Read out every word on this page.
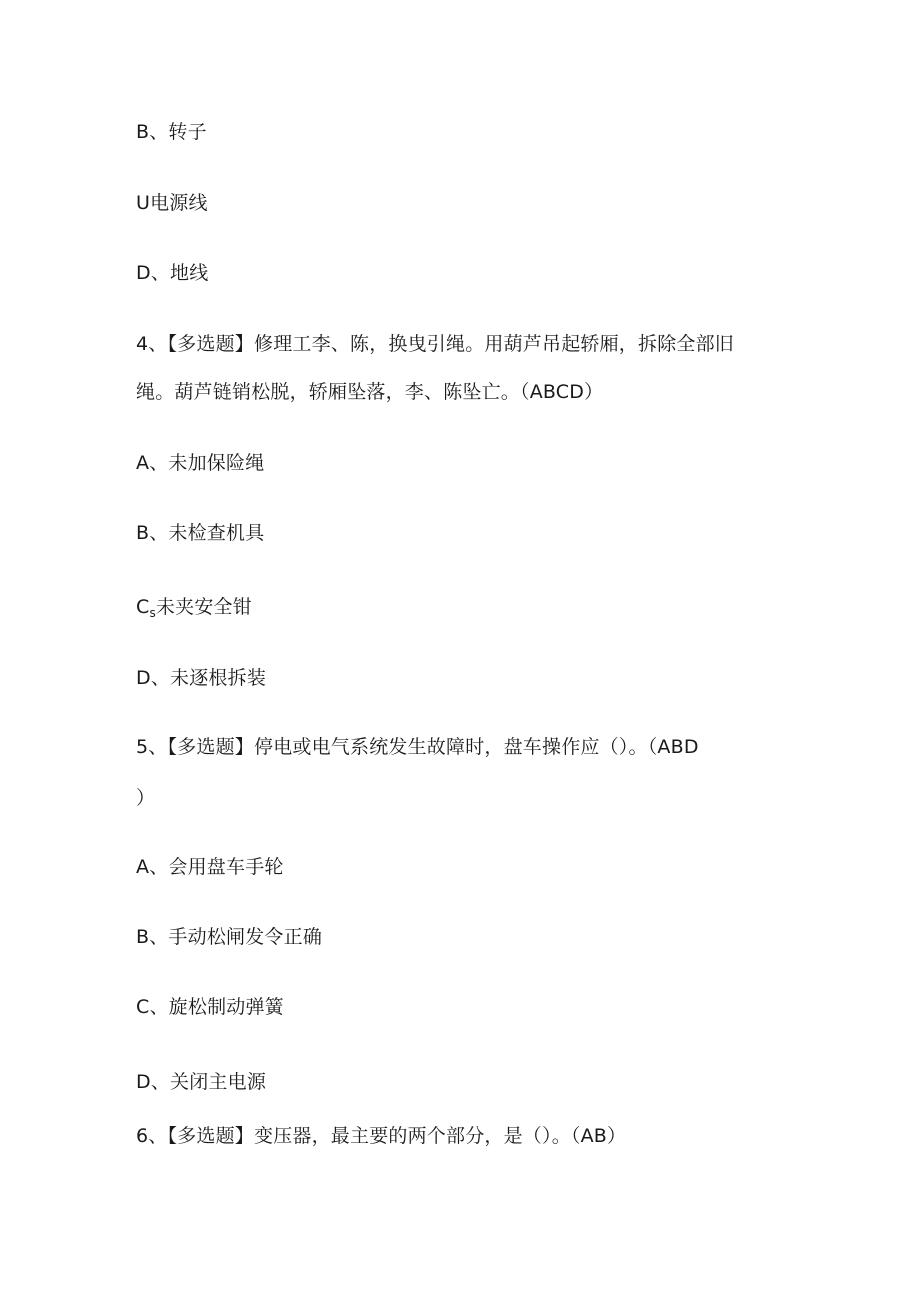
B、转子
U电源线
D、地线
4、【多选题】修理工李、陈，换曳引绳。用葫芦吊起轿厢，拆除全部旧
绳。葫芦链销松脱，轿厢坠落，李、陈坠亡。（ABCD）
A、未加保险绳
B、未检查机具
$C_s$未夹安全钳
D、未逐根拆装
5、【多选题】停电或电气系统发生故障时，盘车操作应（）。（ABD
）
A、会用盘车手轮
B、手动松闸发令正确
C、旋松制动弹簧
D、关闭主电源
6、【多选题】变压器，最主要的两个部分，是（）。（AB）
